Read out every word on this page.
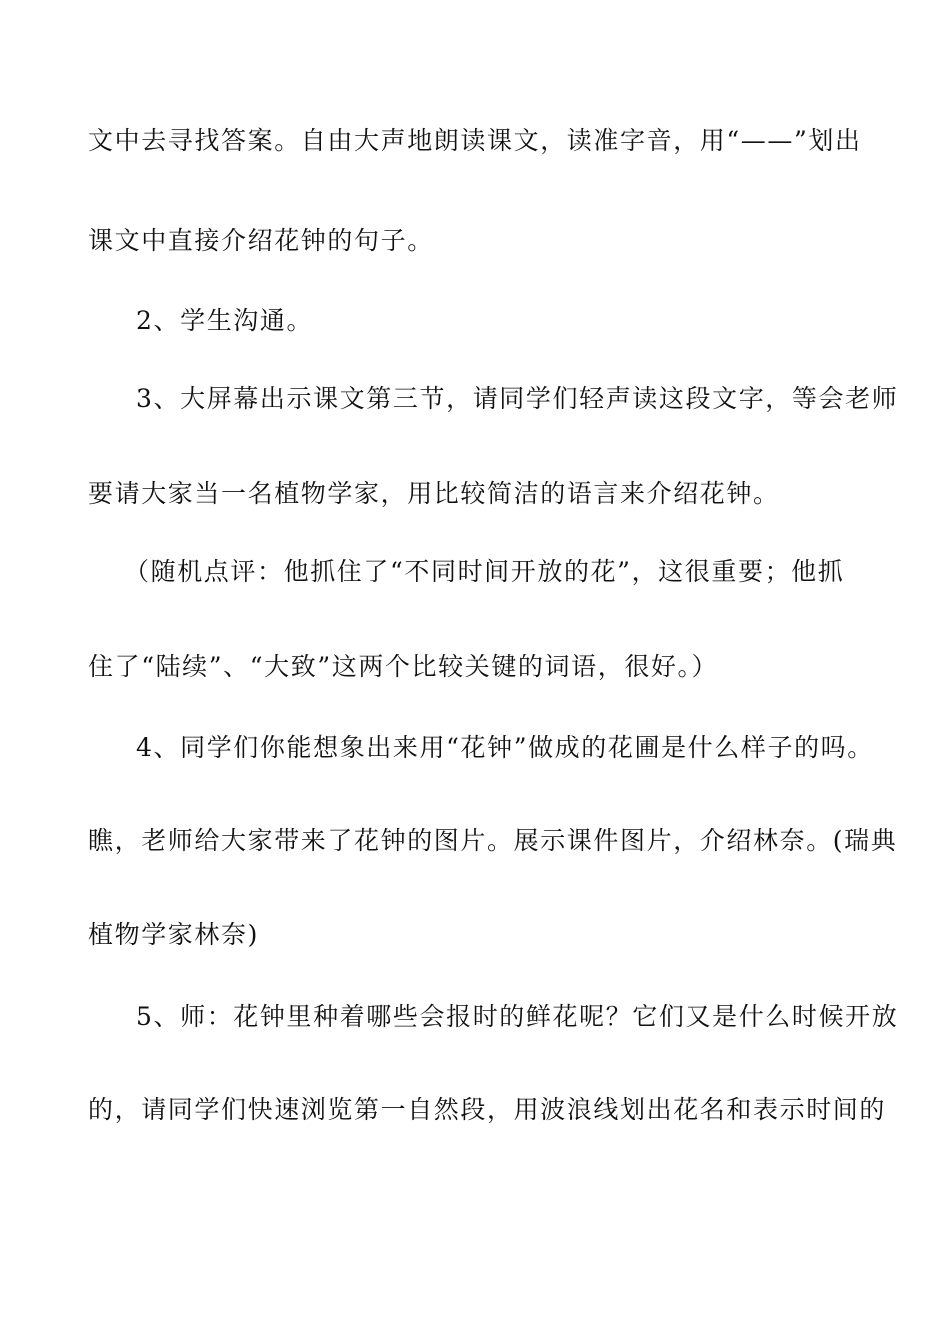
文中去寻找答案。自由大声地朗读课文，读准字音，用“——”划出
课文中直接介绍花钟的句子。
2、学生沟通。
3、大屏幕出示课文第三节，请同学们轻声读这段文字，等会老师
要请大家当一名植物学家，用比较简洁的语言来介绍花钟。
（随机点评：他抓住了“不同时间开放的花”，这很重要；他抓
住了“陆续”、“大致”这两个比较关键的词语，很好。）
4、同学们你能想象出来用“花钟”做成的花圃是什么样子的吗。
瞧，老师给大家带来了花钟的图片。展示课件图片，介绍林奈。(瑞典
植物学家林奈)
5、师：花钟里种着哪些会报时的鲜花呢？它们又是什么时候开放
的，请同学们快速浏览第一自然段，用波浪线划出花名和表示时间的
